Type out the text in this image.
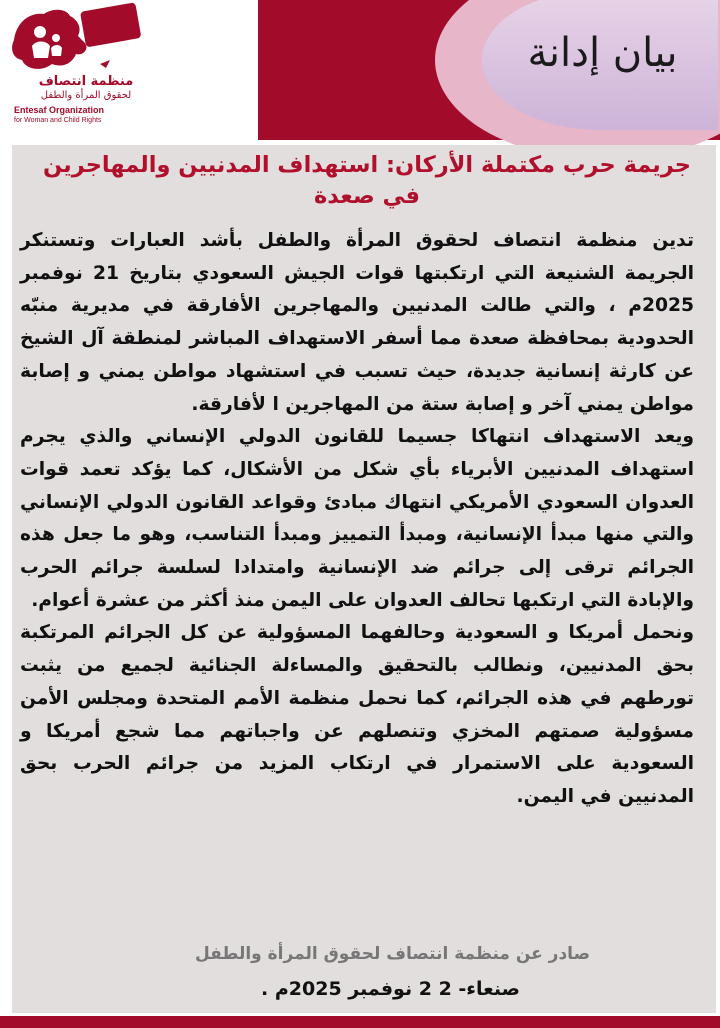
بيان إدانة
منظمة انتصاف
لحقوق المرأة والطفل
Entesaf Organization
for Woman and Child Rights
جريمة حرب مكتملة الأركان: استهداف المدنيين والمهاجرين في صعدة

تدين منظمة انتصاف لحقوق المرأة والطفل بأشد العبارات وتستنكر الجريمة الشنيعة التي ارتكبتها قوات الجيش السعودي بتاريخ 21 نوفمبر 2025م ، والتي طالت المدنيين والمهاجرين الأفارقة في مديرية منبّه الحدودية بمحافظة صعدة مما أسفر الاستهداف المباشر لمنطقة آل الشيخ عن كارثة إنسانية جديدة، حيث تسبب في استشهاد مواطن يمني و إصابة مواطن يمني آخر و إصابة ستة من المهاجرين ا لأفارقة.

ويعد الاستهداف انتهاكا جسيما للقانون الدولي الإنساني والذي يجرم استهداف المدنيين الأبرياء بأي شكل من الأشكال، كما يؤكد تعمد قوات العدوان السعودي الأمريكي انتهاك مبادئ وقواعد القانون الدولي الإنساني والتي منها مبدأ الإنسانية، ومبدأ التمييز ومبدأ التناسب، وهو ما جعل هذه الجرائم ترقى إلى جرائم ضد الإنسانية وامتدادا لسلسة جرائم الحرب والإبادة التي ارتكبها تحالف العدوان على اليمن منذ أكثر من عشرة أعوام.

ونحمل أمريكا و السعودية وحالفهما المسؤولية عن كل الجرائم المرتكبة بحق المدنيين، ونطالب بالتحقيق والمساءلة الجنائية لجميع من يثبت تورطهم في هذه الجرائم، كما نحمل منظمة الأمم المتحدة ومجلس الأمن مسؤولية صمتهم المخزي وتنصلهم عن واجباتهم مما شجع أمريكا و السعودية على الاستمرار في ارتكاب المزيد من جرائم الحرب بحق المدنيين في اليمن.

صادر عن منظمة انتصاف لحقوق المرأة والطفل
صنعاء- 2 2 نوفمبر 2025م .
